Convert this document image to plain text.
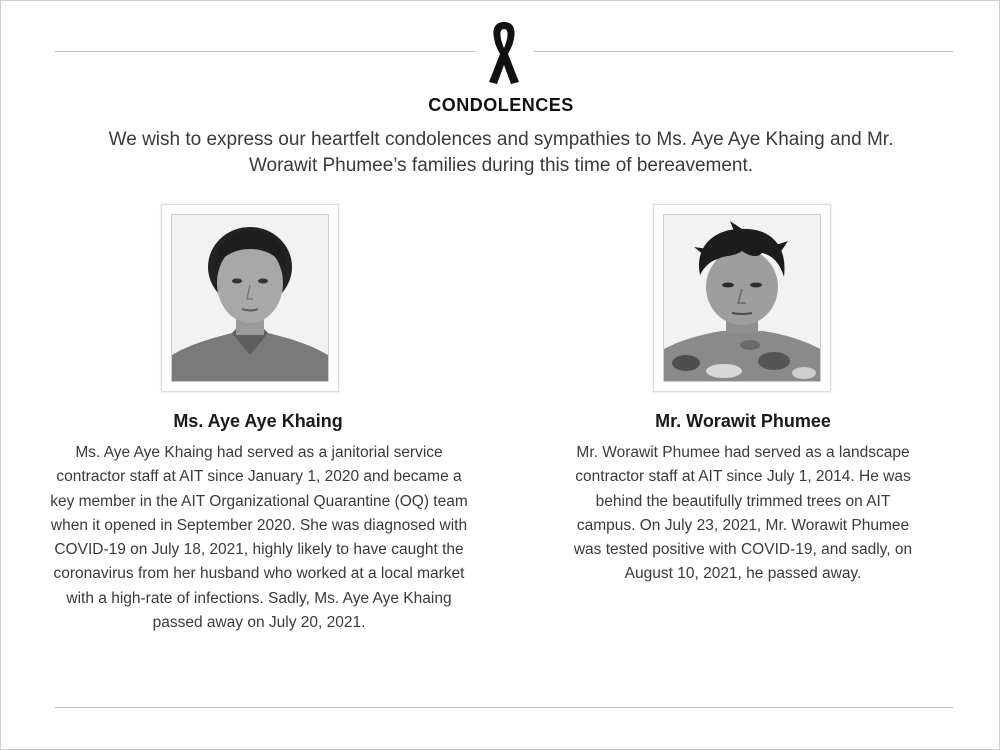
CONDOLENCES
We wish to express our heartfelt condolences and sympathies to Ms. Aye Aye Khaing and Mr. Worawit Phumee’s families during this time of bereavement.
Ms. Aye Aye Khaing
Ms. Aye Aye Khaing had served as a janitorial service contractor staff at AIT since January 1, 2020 and became a key member in the AIT Organizational Quarantine (OQ) team when it opened in September 2020. She was diagnosed with COVID-19 on July 18, 2021, highly likely to have caught the coronavirus from her husband who worked at a local market with a high-rate of infections. Sadly, Ms. Aye Aye Khaing passed away on July 20, 2021.
Mr. Worawit Phumee
Mr. Worawit Phumee had served as a landscape contractor staff at AIT since July 1, 2014. He was behind the beautifully trimmed trees on AIT campus. On July 23, 2021, Mr. Worawit Phumee was tested positive with COVID-19, and sadly, on August 10, 2021, he passed away.
